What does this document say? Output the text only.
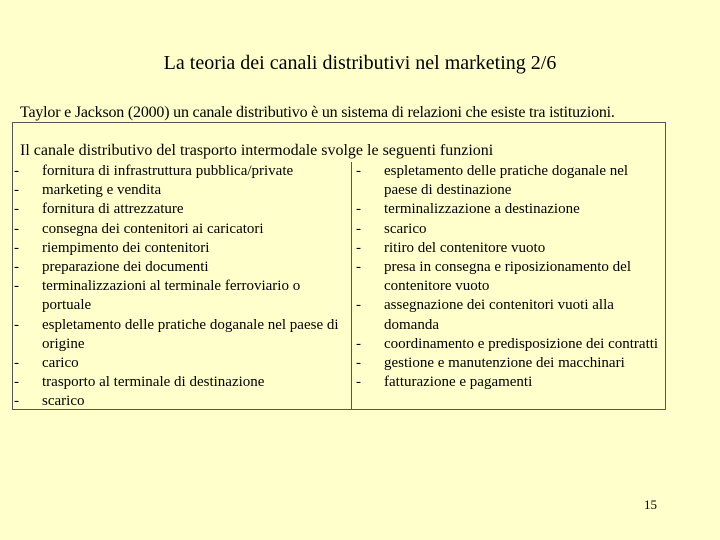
La teoria dei canali distributivi nel marketing 2/6
Taylor e Jackson (2000) un canale distributivo è un sistema di relazioni che esiste tra istituzioni.
Il canale distributivo del trasporto intermodale svolge le seguenti funzioni
- fornitura di infrastruttura pubblica/private
- marketing e vendita
- fornitura di attrezzature
- consegna dei contenitori ai caricatori
- riempimento dei contenitori
- preparazione dei documenti
- terminalizzazioni al terminale ferroviario o portuale
- espletamento delle pratiche doganale nel paese di origine
- carico
- trasporto al terminale di destinazione
- scarico
- espletamento delle pratiche doganale nel paese di destinazione
- terminalizzazione a destinazione
- scarico
- ritiro del contenitore vuoto
- presa in consegna e riposizionamento del contenitore vuoto
- assegnazione dei contenitori vuoti alla domanda
- coordinamento e predisposizione dei contratti
- gestione e manutenzione dei macchinari
- fatturazione e pagamenti
15
